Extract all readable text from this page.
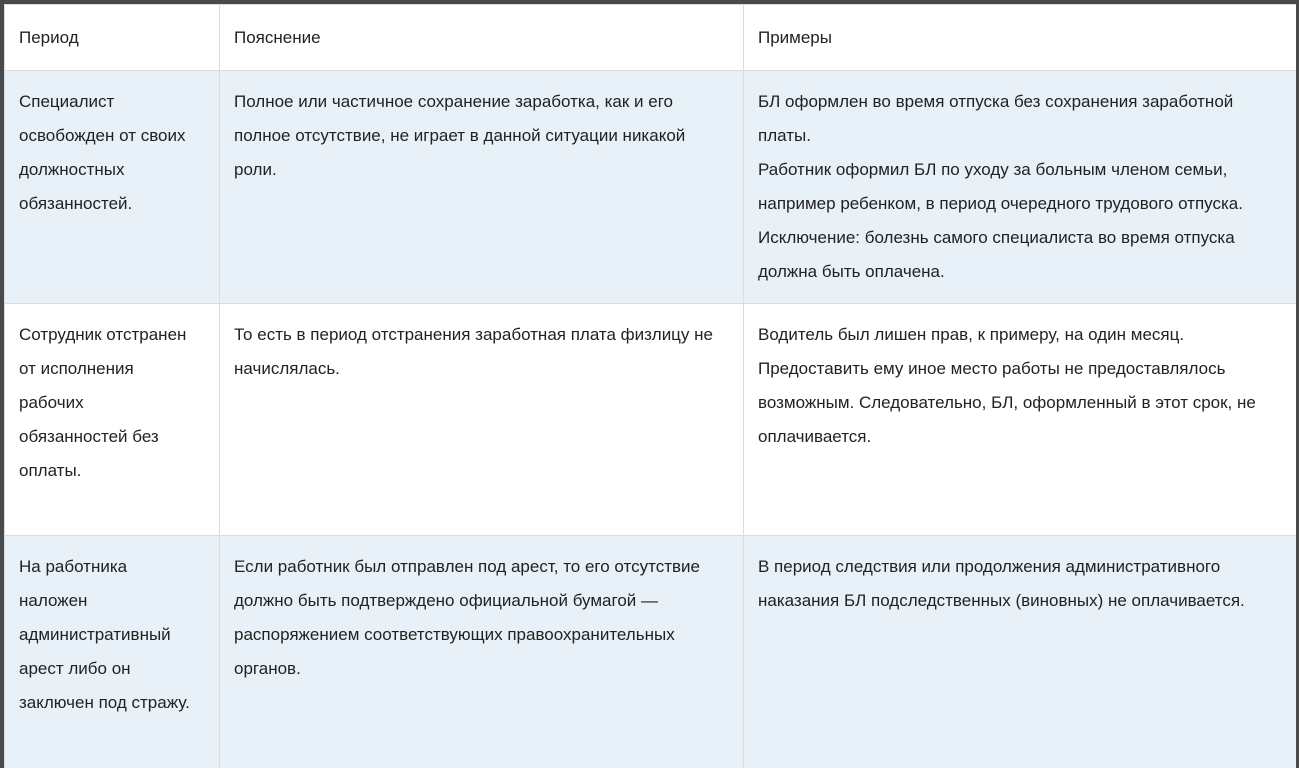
Период	Пояснение	Примеры

Специалист освобожден от своих должностных обязанностей.	Полное или частичное сохранение заработка, как и его полное отсутствие, не играет в данной ситуации никакой роли.	БЛ оформлен во время отпуска без сохранения заработной платы.
Работник оформил БЛ по уходу за больным членом семьи, например ребенком, в период очередного трудового отпуска. Исключение: болезнь самого специалиста во время отпуска должна быть оплачена.

Сотрудник отстранен от исполнения рабочих обязанностей без оплаты.	То есть в период отстранения заработная плата физлицу не начислялась.	Водитель был лишен прав, к примеру, на один месяц. Предоставить ему иное место работы не предоставлялось возможным. Следовательно, БЛ, оформленный в этот срок, не оплачивается.

На работника наложен административный арест либо он заключен под стражу.	Если работник был отправлен под арест, то его отсутствие должно быть подтверждено официальной бумагой — распоряжением соответствующих правоохранительных органов.	В период следствия или продолжения административного наказания БЛ подследственных (виновных) не оплачивается.
